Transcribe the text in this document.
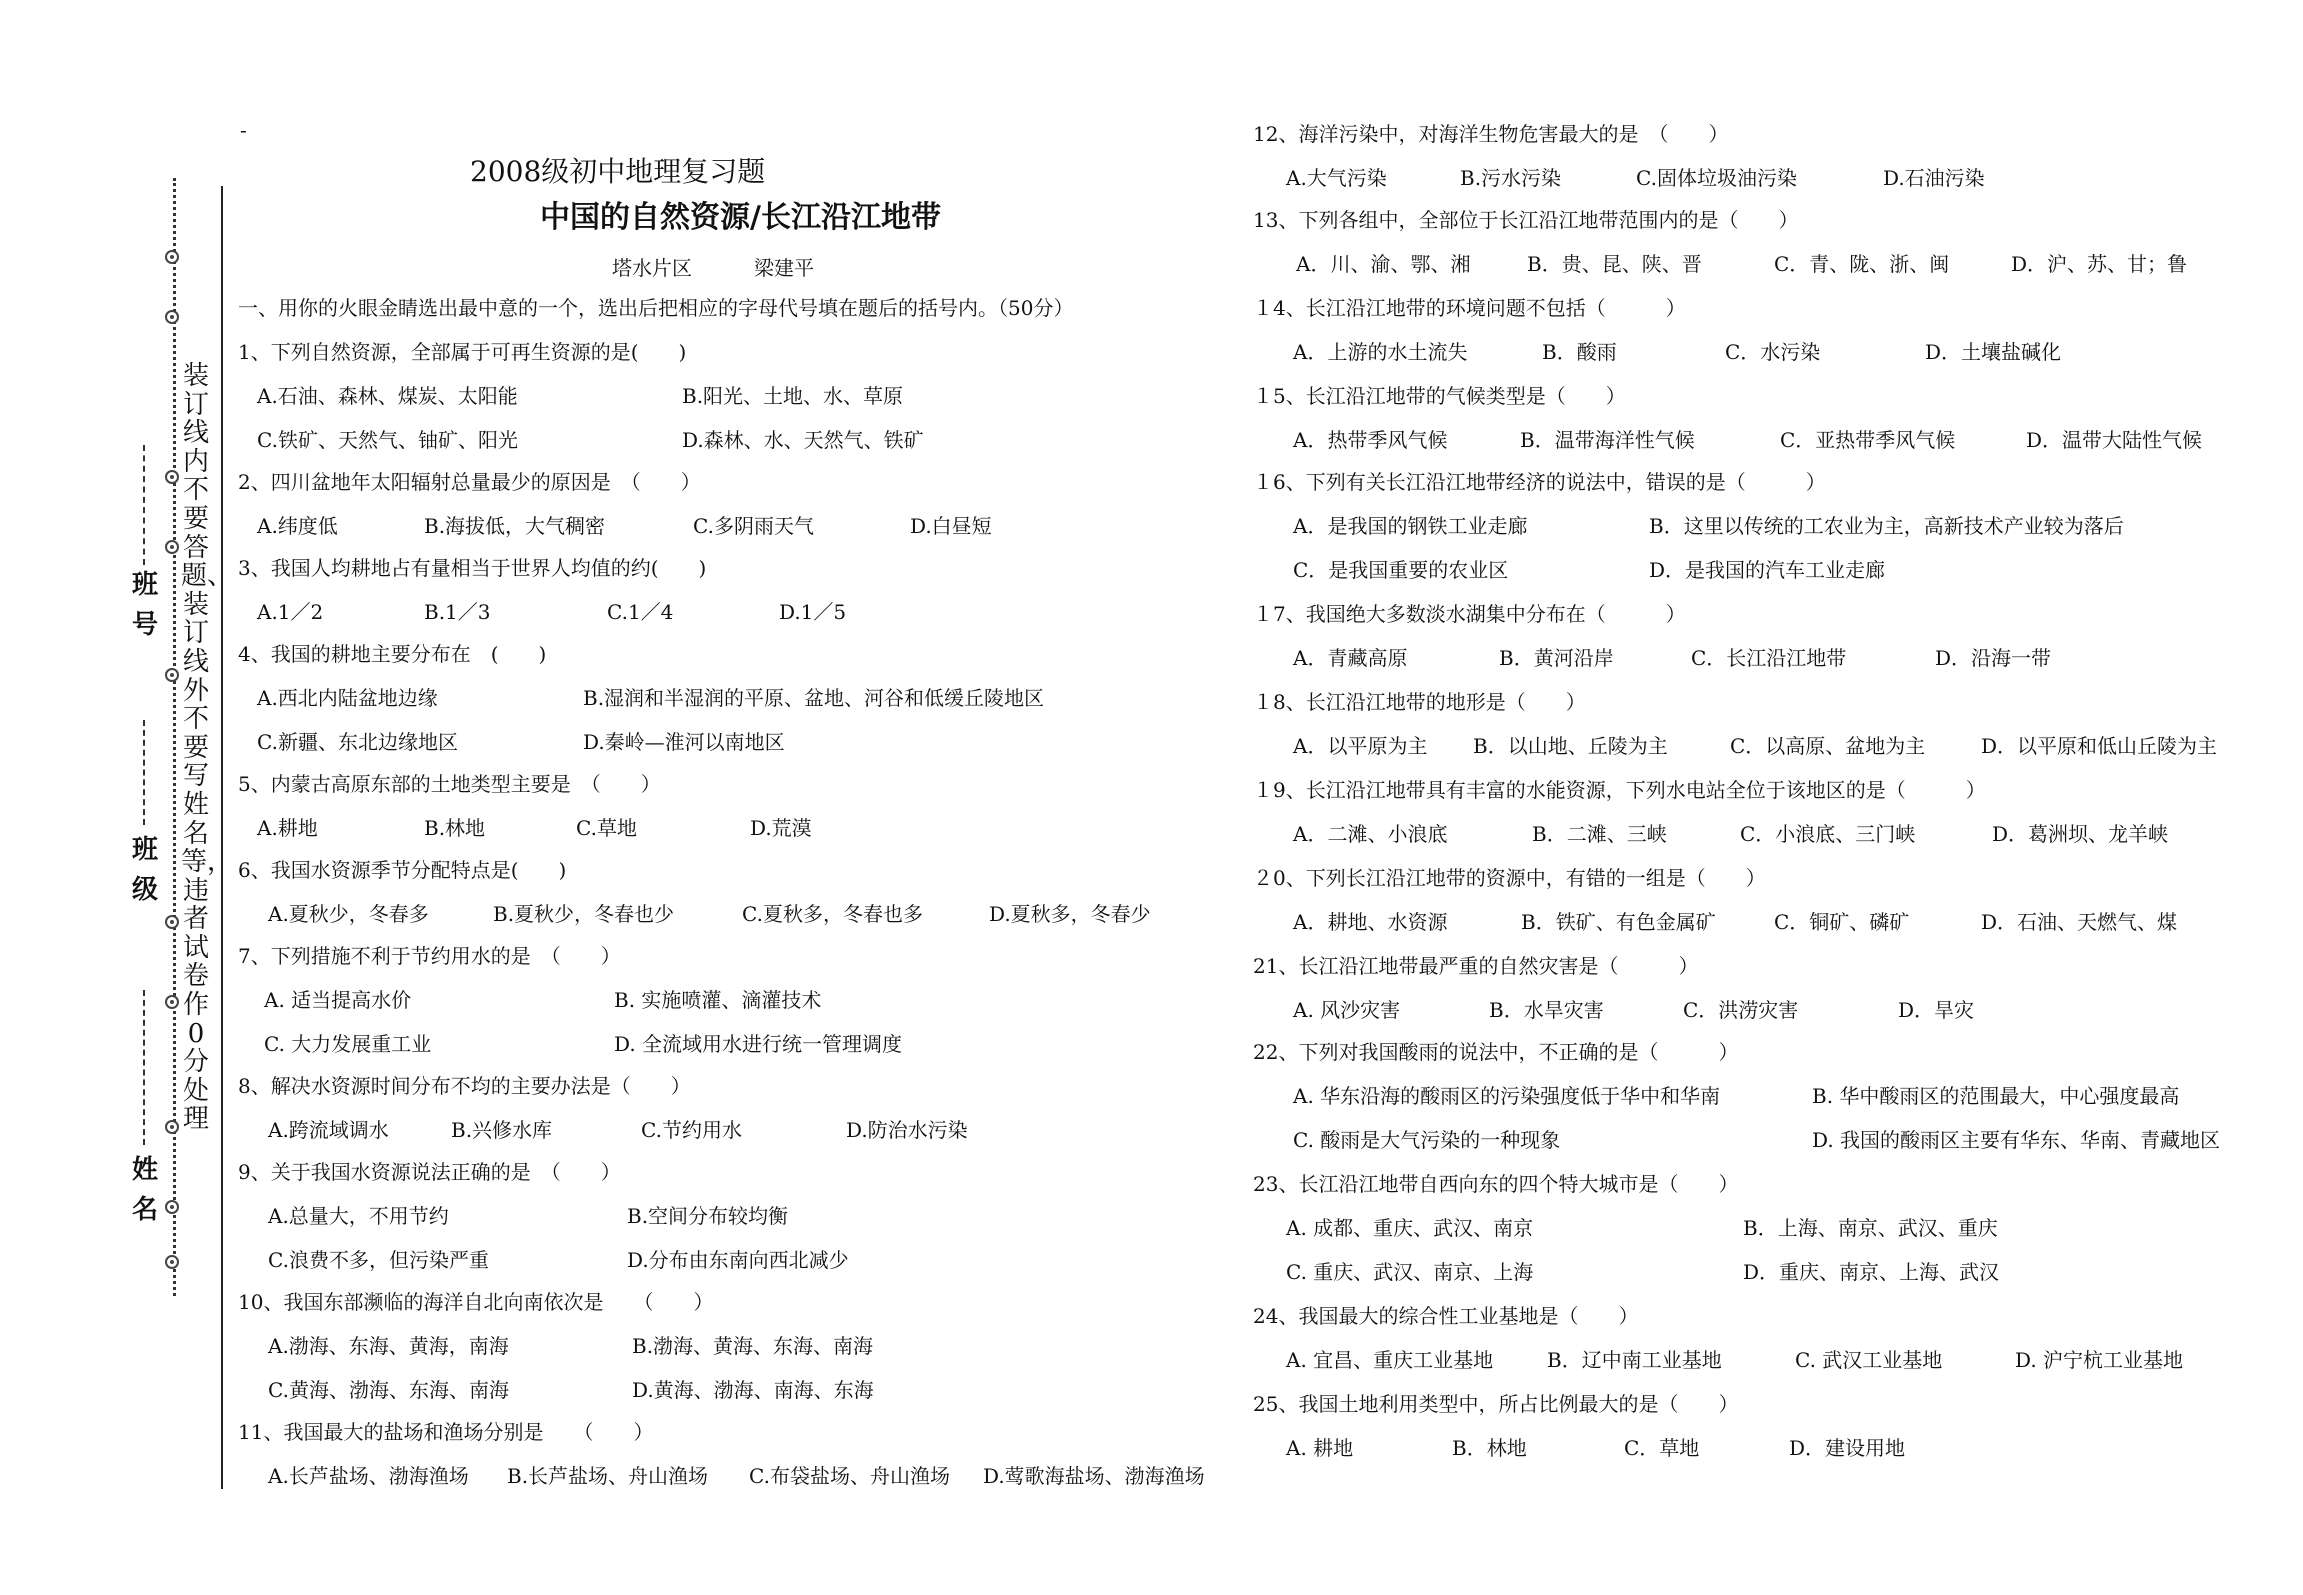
-
装订线内不要答题、装订线外不要写姓名等，违者试卷作0分处理
班号
班级
姓名
2008级初中地理复习题
中国的自然资源/长江沿江地带
塔水片区	梁建平
一、用你的火眼金睛选出最中意的一个，选出后把相应的字母代号填在题后的括号内。（50分）
1、下列自然资源，全部属于可再生资源的是(　　)
A.石油、森林、煤炭、太阳能	B.阳光、土地、水、草原
C.铁矿、天然气、铀矿、阳光	D.森林、水、天然气、铁矿
2、四川盆地年太阳辐射总量最少的原因是　（　　）
A.纬度低	B.海拔低，大气稠密	C.多阴雨天气	D.白昼短
3、我国人均耕地占有量相当于世界人均值的约(　　)
A.1／2	B.1／3	C.1／4	D.1／5
4、我国的耕地主要分布在　(　　)
A.西北内陆盆地边缘	B.湿润和半湿润的平原、盆地、河谷和低缓丘陵地区
C.新疆、东北边缘地区	D.秦岭—淮河以南地区
5、内蒙古高原东部的土地类型主要是　（　　）
A.耕地	B.林地	C.草地	D.荒漠
6、我国水资源季节分配特点是(　　)
A.夏秋少，冬春多	B.夏秋少，冬春也少	C.夏秋多，冬春也多	D.夏秋多，冬春少
7、下列措施不利于节约用水的是　（　　）
A. 适当提高水价	B. 实施喷灌、滴灌技术
C. 大力发展重工业	D. 全流域用水进行统一管理调度
8、解决水资源时间分布不均的主要办法是（　　）
A.跨流域调水	B.兴修水库	C.节约用水	D.防治水污染
9、关于我国水资源说法正确的是　（　　）
A.总量大，不用节约	B.空间分布较均衡
C.浪费不多，但污染严重	D.分布由东南向西北减少
10、我国东部濒临的海洋自北向南依次是　　（　　）
A.渤海、东海、黄海，南海	B.渤海、黄海、东海、南海
C.黄海、渤海、东海、南海	D.黄海、渤海、南海、东海
11、我国最大的盐场和渔场分别是　　（　　）
A.长芦盐场、渤海渔场 B.长芦盐场、舟山渔场 C.布袋盐场、舟山渔场 D.莺歌海盐场、渤海渔场
12、海洋污染中，对海洋生物危害最大的是　（　　）
A.大气污染	B.污水污染	C.固体垃圾油污染	D.石油污染
13、下列各组中，全部位于长江沿江地带范围内的是（　　）
A．川、渝、鄂、湘	B．贵、昆、陕、晋	C．青、陇、浙、闽	D．沪、苏、甘；鲁
１4、长江沿江地带的环境问题不包括（　　　）
A．上游的水土流失	B．酸雨	C．水污染	D．土壤盐碱化
１5、长江沿江地带的气候类型是（　　）
A．热带季风气候	B．温带海洋性气候	C．亚热带季风气候	D．温带大陆性气候
１6、下列有关长江沿江地带经济的说法中，错误的是（　　　）
A．是我国的钢铁工业走廊	B．这里以传统的工农业为主，高新技术产业较为落后
C．是我国重要的农业区	D．是我国的汽车工业走廊
１7、我国绝大多数淡水湖集中分布在（　　　）
A．青藏高原	B．黄河沿岸	C．长江沿江地带	D．沿海一带
１8、长江沿江地带的地形是（　　）
A．以平原为主 B．以山地、丘陵为主	C．以高原、盆地为主	D．以平原和低山丘陵为主
１9、长江沿江地带具有丰富的水能资源，下列水电站全位于该地区的是（　　　）
A．二滩、小浪底	B．二滩、三峡	C．小浪底、三门峡	D．葛洲坝、龙羊峡
２0、下列长江沿江地带的资源中，有错的一组是（　　）
A．耕地、水资源	B．铁矿、有色金属矿	C．铜矿、磷矿	D．石油、天燃气、煤
21、长江沿江地带最严重的自然灾害是（　　　）
A. 风沙灾害	B．水旱灾害	C．洪涝灾害	D．旱灾
22、下列对我国酸雨的说法中，不正确的是（　　　）
A. 华东沿海的酸雨区的污染强度低于华中和华南	B. 华中酸雨区的范围最大，中心强度最高
C. 酸雨是大气污染的一种现象	D. 我国的酸雨区主要有华东、华南、青藏地区
23、长江沿江地带自西向东的四个特大城市是（　　）
A. 成都、重庆、武汉、南京	B．上海、南京、武汉、重庆
C. 重庆、武汉、南京、上海	D．重庆、南京、上海、武汉
24、我国最大的综合性工业基地是（　　）
A. 宜昌、重庆工业基地	B．辽中南工业基地	C. 武汉工业基地	D. 沪宁杭工业基地
25、我国土地利用类型中，所占比例最大的是（　　）
A. 耕地	B．林地	C．草地	D．建设用地
